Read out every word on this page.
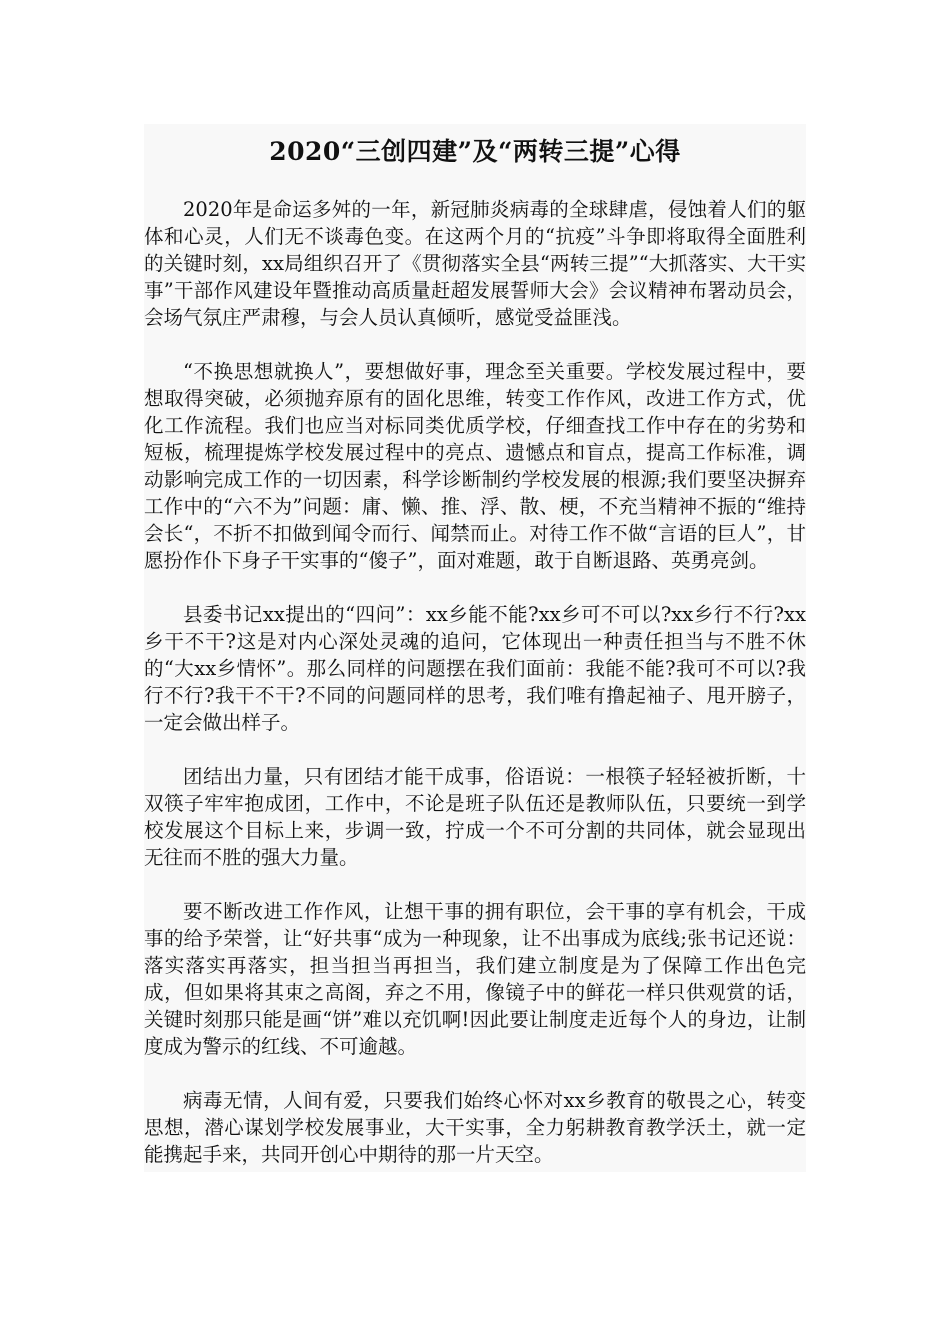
2020“三创四建”及“两转三提”心得

2020年是命运多舛的一年，新冠肺炎病毒的全球肆虐，侵蚀着人们的躯体和心灵，人们无不谈毒色变。在这两个月的“抗疫”斗争即将取得全面胜利的关键时刻，xx局组织召开了《贯彻落实全县“两转三提”“大抓落实、大干实事”干部作风建设年暨推动高质量赶超发展誓师大会》会议精神布署动员会，会场气氛庄严肃穆，与会人员认真倾听，感觉受益匪浅。

“不换思想就换人”，要想做好事，理念至关重要。学校发展过程中，要想取得突破，必须抛弃原有的固化思维，转变工作作风，改进工作方式，优化工作流程。我们也应当对标同类优质学校，仔细查找工作中存在的劣势和短板，梳理提炼学校发展过程中的亮点、遗憾点和盲点，提高工作标准，调动影响完成工作的一切因素，科学诊断制约学校发展的根源;我们要坚决摒弃工作中的“六不为”问题：庸、懒、推、浮、散、梗，不充当精神不振的“维持会长“，不折不扣做到闻令而行、闻禁而止。对待工作不做“言语的巨人”，甘愿扮作仆下身子干实事的“傻子”，面对难题，敢于自断退路、英勇亮剑。

县委书记xx提出的“四问”：xx乡能不能?xx乡可不可以?xx乡行不行?xx乡干不干?这是对内心深处灵魂的追问，它体现出一种责任担当与不胜不休的“大xx乡情怀”。那么同样的问题摆在我们面前：我能不能?我可不可以?我行不行?我干不干?不同的问题同样的思考，我们唯有撸起袖子、甩开膀子，一定会做出样子。

团结出力量，只有团结才能干成事，俗语说：一根筷子轻轻被折断，十双筷子牢牢抱成团，工作中，不论是班子队伍还是教师队伍，只要统一到学校发展这个目标上来，步调一致，拧成一个不可分割的共同体，就会显现出无往而不胜的强大力量。

要不断改进工作作风，让想干事的拥有职位，会干事的享有机会，干成事的给予荣誉，让“好共事“成为一种现象，让不出事成为底线;张书记还说：落实落实再落实，担当担当再担当，我们建立制度是为了保障工作出色完成，但如果将其束之高阁，弃之不用，像镜子中的鲜花一样只供观赏的话，关键时刻那只能是画“饼”难以充饥啊!因此要让制度走近每个人的身边，让制度成为警示的红线、不可逾越。

病毒无情，人间有爱，只要我们始终心怀对xx乡教育的敬畏之心，转变思想，潜心谋划学校发展事业，大干实事，全力躬耕教育教学沃土，就一定能携起手来，共同开创心中期待的那一片天空。
